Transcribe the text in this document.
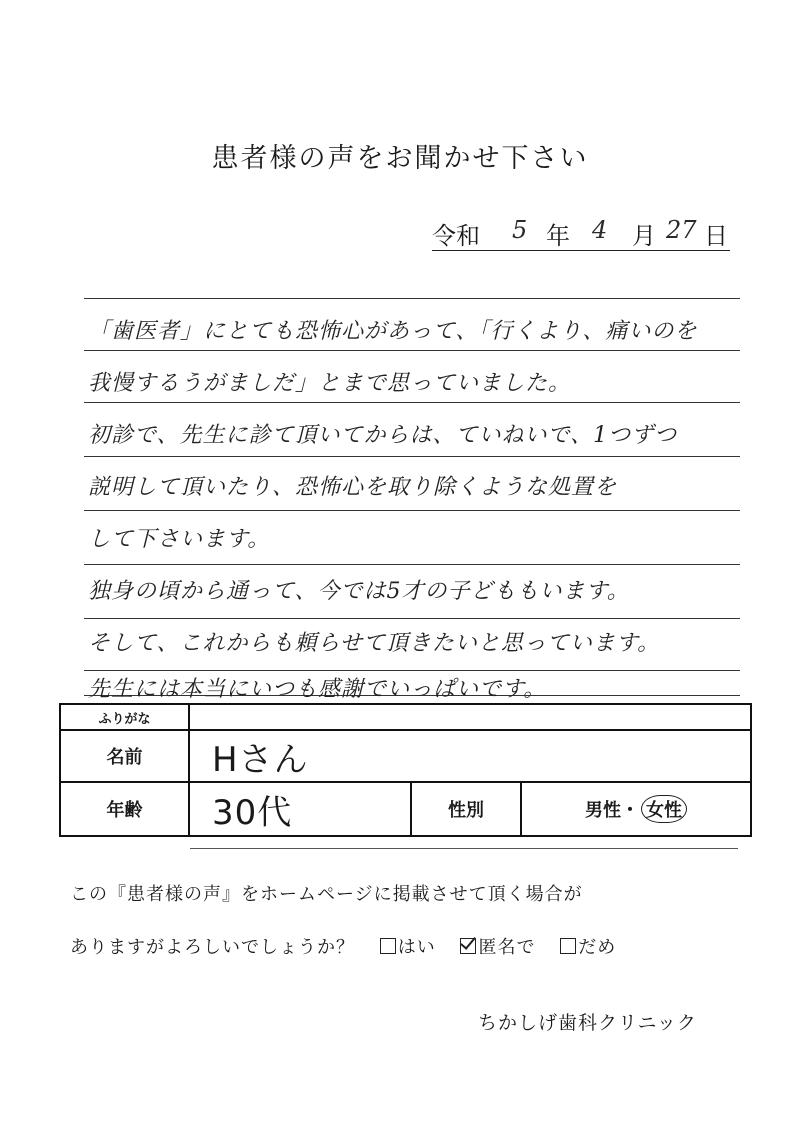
患者様の声をお聞かせ下さい
令和 5 年 4 月 27 日
「歯医者」にとても恐怖心があって、「行くより、痛いのを
我慢するうがましだ」とまで思っていました。
初診で、先生に診て頂いてからは、ていねいで、1つずつ
説明して頂いたり、恐怖心を取り除くような処置を
して下さいます。
独身の頃から通って、今では5才の子どももいます。
そして、これからも頼らせて頂きたいと思っています。
先生には本当にいつも感謝でいっぱいです。
ふりがな			
名前	Hさん		
年齢	30代	性別	男性・ 女性
この『患者様の声』をホームページに掲載させて頂く場合が
ありますがよろしいでしょうか？ はい 匿名で だめ
ちかしげ歯科クリニック
